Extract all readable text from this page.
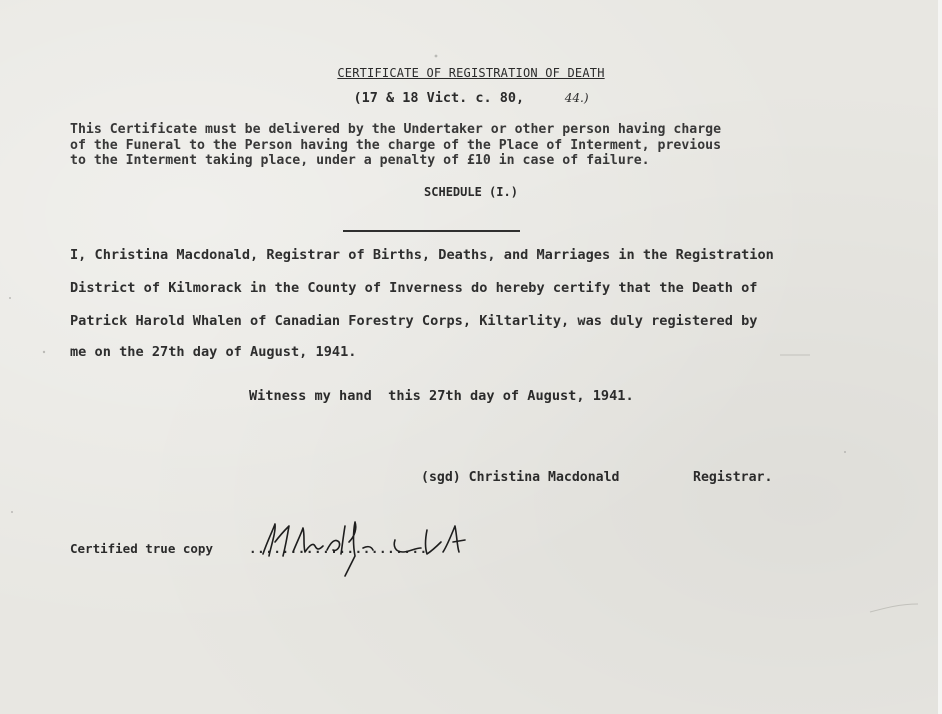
CERTIFICATE OF REGISTRATION OF DEATH
(17 & 18 Vict. c. 80,	44.)
This Certificate must be delivered by the Undertaker or other person having charge
of the Funeral to the Person having the charge of the Place of Interment, previous
to the Interment taking place, under a penalty of £10 in case of failure.
SCHEDULE (I.)
I, Christina Macdonald, Registrar of Births, Deaths, and Marriages in the Registration
District of Kilmorack in the County of Inverness do hereby certify that the Death of
Patrick Harold Whalen of Canadian Forestry Corps, Kiltarlity, was duly registered by
me on the 27th day of August, 1941.
Witness my hand  this 27th day of August, 1941.
(sgd) Christina Macdonald	Registrar.
Certified true copy	......................
